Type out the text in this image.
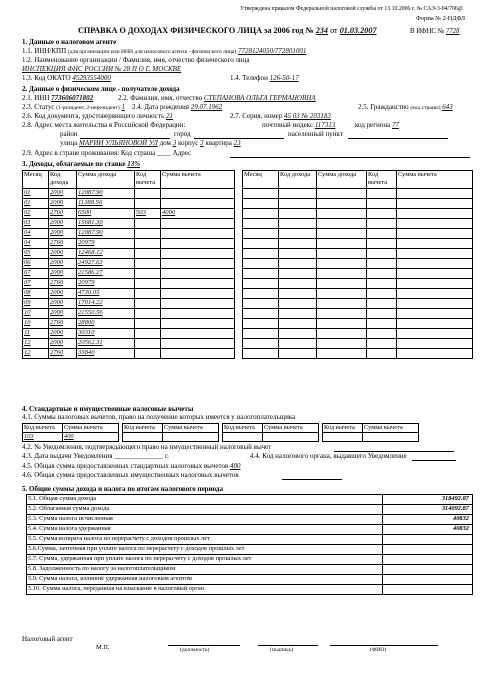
Утверждена приказом Федеральной налоговой службы от 13.10.2006 г. № САЭ-3-04/706@
Форма № 2-НДФЛ
СПРАВКА О ДОХОДАХ ФИЗИЧЕСКОГО ЛИЦА за 2006 год № 234 от 01.03.2007	В ИФНС № 7728
1. Данные о налоговом агенте
1.1. ИНН/КПП (для организации или ИНН для налогового агента - физического лица) 7728124050/772801001
1.2. Наименование организации / Фамилия, имя, отчество физического лица
ИНСПЕКЦИЯ ФНС РОССИИ № 28 П О Г. МОСКВЕ
1.3. Код ОКАТО 45293554000	1.4. Телефон 126-50-17
2. Данные о физическом лице - получателе дохода
2.1. ИНН 773606071802	2.2. Фамилия, имя, отчество СТЕПАНОВА ОЛЬГА ГЕРМАНОВНА
2.3. Статус (1-резидент, 2-нерезидент) 1 2.4. Дата рождения 29.07.1962	2.5. Гражданство (код страны) 643
2.6. Код документа, удостоверяющего личность 21	2.7. Серия, номер 45 03 № 203183
2.8. Адрес места жительства в Российской Федерации:	почтовый индекс 117313	код региона 77
район	город	населенный пункт
улица МАРИИ УЛЬЯНОВОЙ УЛ дом 3 корпус 3 квартира 23
2.9. Адрес в стране проживания: Код страны ____ Адрес
3. Доходы, облагаемые по ставке 13%
Месяц	Код дохода	Сумма дохода	Код вычета	Сумма вычета
01	2000	12087.90		
01	2000	11388.56		
02	2760	6500	503	4000
03	2000	15681.30		
04	2000	12087.90		
04	2760	20979		
05	2000	12468.12		
06	2000	24927.63		
07	2000	21586.27		
07	2760	20979		
08	2000	4730.05		
09	2000	17014.22		
10	2000	21550.56		
10	2760	28800		
11	2000	30310		
12	2000	20562.31		
12	2760	33840		
Месяц	Код дохода	Сумма дохода	Код вычета	Сумма вычета

4. Стандартные и имущественные налоговые вычеты
4.1. Суммы налоговых вычетов, право на получение которых имеется у налогоплательщика
Код вычета	Сумма вычета
103	400
Код вычета	Сумма вычета
		Код вычета	Сумма вычета
		Код вычета	Сумма вычета

4.2. № Уведомления, подтверждающего право на имущественный налоговый вычет
4.3. Дата выдачи Уведомления ______________ г.	4.4. Код налогового органа, выдавшего Уведомление
4.5. Общая сумма предоставленных стандартных налоговых вычетов 400
4.6. Общая сумма предоставленных имущественных налоговых вычетов
5. Общие суммы дохода и налога по итогам налогового периода
5.1. Общая сумма дохода	318492.87
5.2. Облагаемая сумма дохода	314092.87
5.3. Сумма налога исчисленная	40832
5.4. Сумма налога удержанная	40832
5.5. Сумма возврата налога по перерасчету с доходов прошлых лет	
5.6.Сумма, зачтенная при уплате налога по перерасчету с доходов прошлых лет	
5.7. Сумма, удержанная при уплате налога по перерасчету с доходов прошлых лет	
5.8. Задолженность по налогу за налогоплательщиком	
5.9. Сумма налога, излишне удержанная налоговым агентом	
5.10. Сумма налога, переданная на взыскание в налоговый орган	
Налоговый агент
М.П.	(должность)	(подпись)	(ФИО)
